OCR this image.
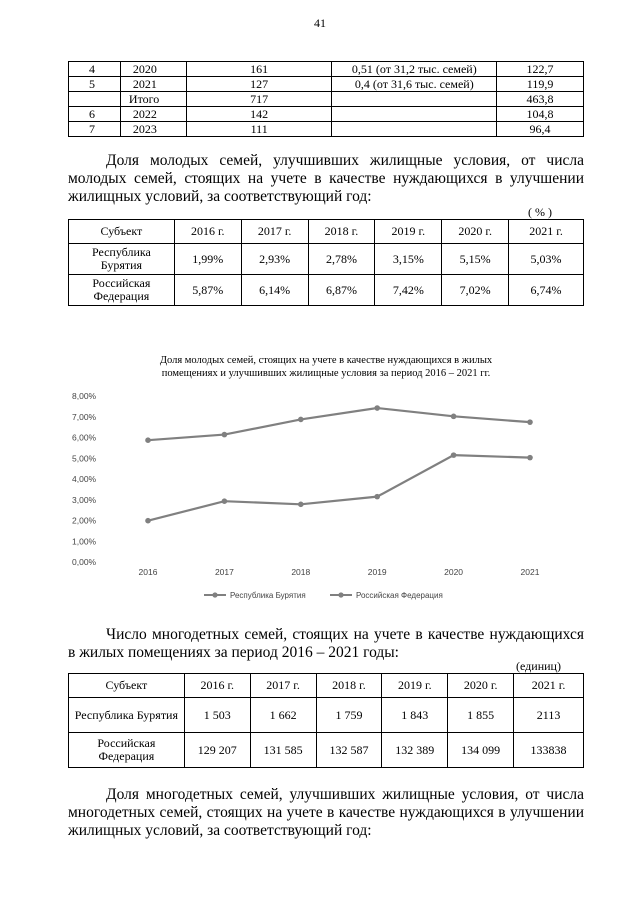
41
4	2020	161	0,51 (от 31,2 тыс. семей)	122,7
5	2021	127	0,4 (от 31,6 тыс. семей)	119,9
	Итого	717		463,8
6	2022	142		104,8
7	2023	111		96,4

Доля молодых семей, улучшивших жилищные условия, от числа молодых семей, стоящих на учете в качестве нуждающихся в улучшении жилищных условий, за соответствующий год:

( % )
Субъект	2016 г.	2017 г.	2018 г.	2019 г.	2020 г.	2021 г.
Республика Бурятия	1,99%	2,93%	2,78%	3,15%	5,15%	5,03%
Российская Федерация	5,87%	6,14%	6,87%	7,42%	7,02%	6,74%
Доля молодых семей, стоящих на учете в качестве нуждающихся в жилых помещениях и улучшивших жилищные условия за период 2016 – 2021 гг.
0,00%
1,00%
2,00%
3,00%
4,00%
5,00%
6,00%
7,00%
8,00%
2016	2017	2018	2019	2020	2021
Республика Бурятия	Российская Федерация

Число многодетных семей, стоящих на учете в качестве нуждающихся в жилых помещениях за период 2016 – 2021 годы:

(единиц)
Субъект	2016 г.	2017 г.	2018 г.	2019 г.	2020 г.	2021 г.
Республика Бурятия	1 503	1 662	1 759	1 843	1 855	2113
Российская Федерация	129 207	131 585	132 587	132 389	134 099	133838

Доля многодетных семей, улучшивших жилищные условия, от числа многодетных семей, стоящих на учете в качестве нуждающихся в улучшении жилищных условий, за соответствующий год:
